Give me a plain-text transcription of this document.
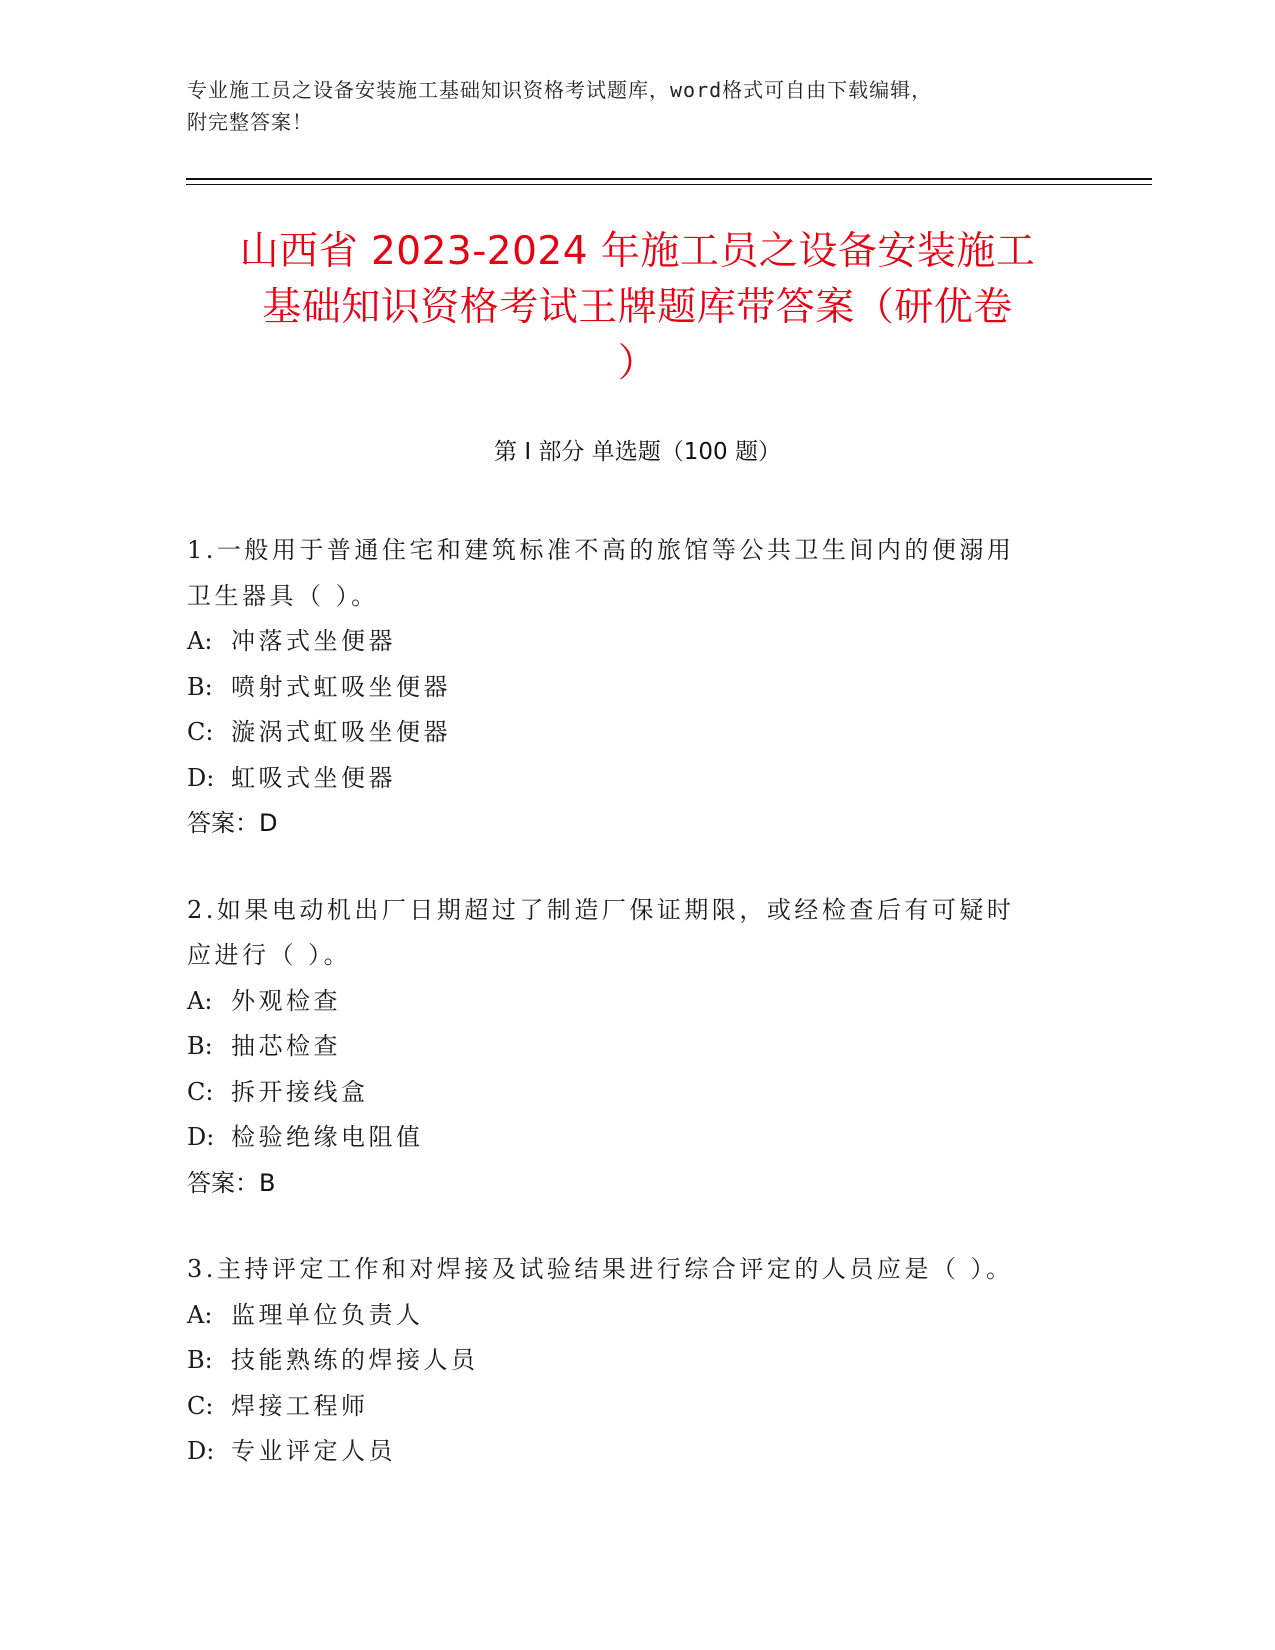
专业施工员之设备安装施工基础知识资格考试题库，word格式可自由下载编辑，
附完整答案！
山西省 2023-2024 年施工员之设备安装施工
基础知识资格考试王牌题库带答案（研优卷
）
第 I 部分 单选题（100 题）
1.一般用于普通住宅和建筑标准不高的旅馆等公共卫生间内的便溺用
卫生器具（ ）。
A: 冲落式坐便器
B: 喷射式虹吸坐便器
C: 漩涡式虹吸坐便器
D: 虹吸式坐便器
答案：D
2.如果电动机出厂日期超过了制造厂保证期限，或经检查后有可疑时
应进行（ ）。
A: 外观检查
B: 抽芯检查
C: 拆开接线盒
D: 检验绝缘电阻值
答案：B
3.主持评定工作和对焊接及试验结果进行综合评定的人员应是（ ）。
A: 监理单位负责人
B: 技能熟练的焊接人员
C: 焊接工程师
D: 专业评定人员
